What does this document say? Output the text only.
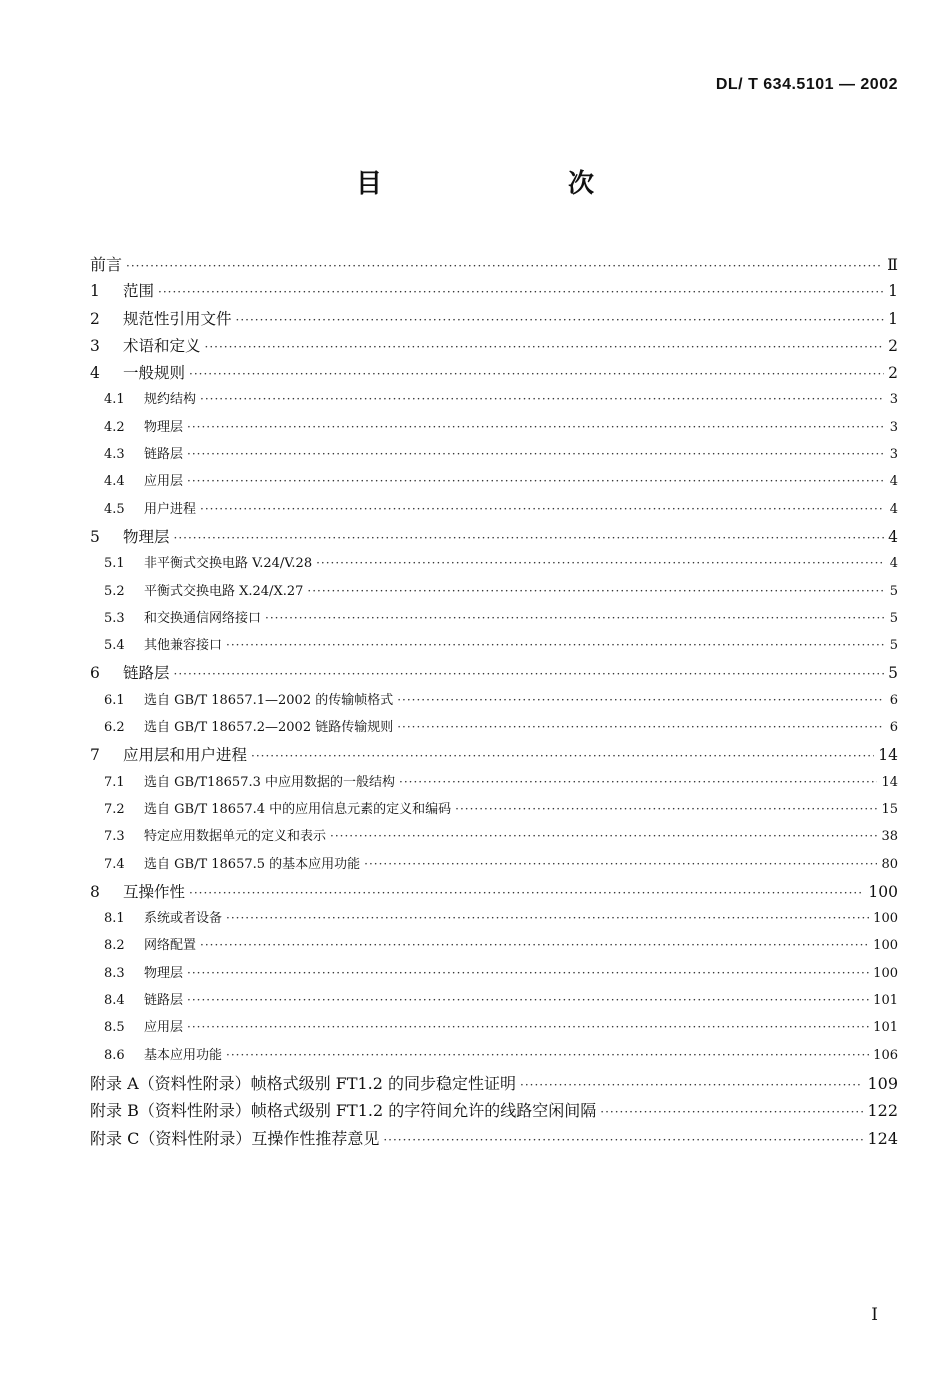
DL/ T 634.5101 — 2002
目　次
前言 ·····	Ⅱ
1	范围 ·····	1
2	规范性引用文件 ·····	1
3	术语和定义 ·····	2
4	一般规则 ·····	2
4.1	规约结构 ·····	3
4.2	物理层 ·····	3
4.3	链路层 ·····	3
4.4	应用层 ·····	4
4.5	用户进程 ·····	4
5	物理层 ·····	4
5.1	非平衡式交换电路 V.24/V.28 ·····	4
5.2	平衡式交换电路 X.24/X.27 ·····	5
5.3	和交换通信网络接口 ·····	5
5.4	其他兼容接口 ·····	5
6	链路层 ·····	5
6.1	选自 GB/T 18657.1—2002 的传输帧格式 ·····	6
6.2	选自 GB/T 18657.2—2002 链路传输规则 ·····	6
7	应用层和用户进程 ·····	14
7.1	选自 GB/T18657.3 中应用数据的一般结构 ·····	14
7.2	选自 GB/T 18657.4 中的应用信息元素的定义和编码 ·····	15
7.3	特定应用数据单元的定义和表示 ·····	38
7.4	选自 GB/T 18657.5 的基本应用功能 ·····	80
8	互操作性 ·····	100
8.1	系统或者设备 ·····	100
8.2	网络配置 ·····	100
8.3	物理层 ·····	100
8.4	链路层 ·····	101
8.5	应用层 ·····	101
8.6	基本应用功能 ·····	106
附录 A（资料性附录）帧格式级别 FT1.2 的同步稳定性证明 ·····	109
附录 B（资料性附录）帧格式级别 FT1.2 的字符间允许的线路空闲间隔 ·····	122
附录 C（资料性附录）互操作性推荐意见 ·····	124
I
